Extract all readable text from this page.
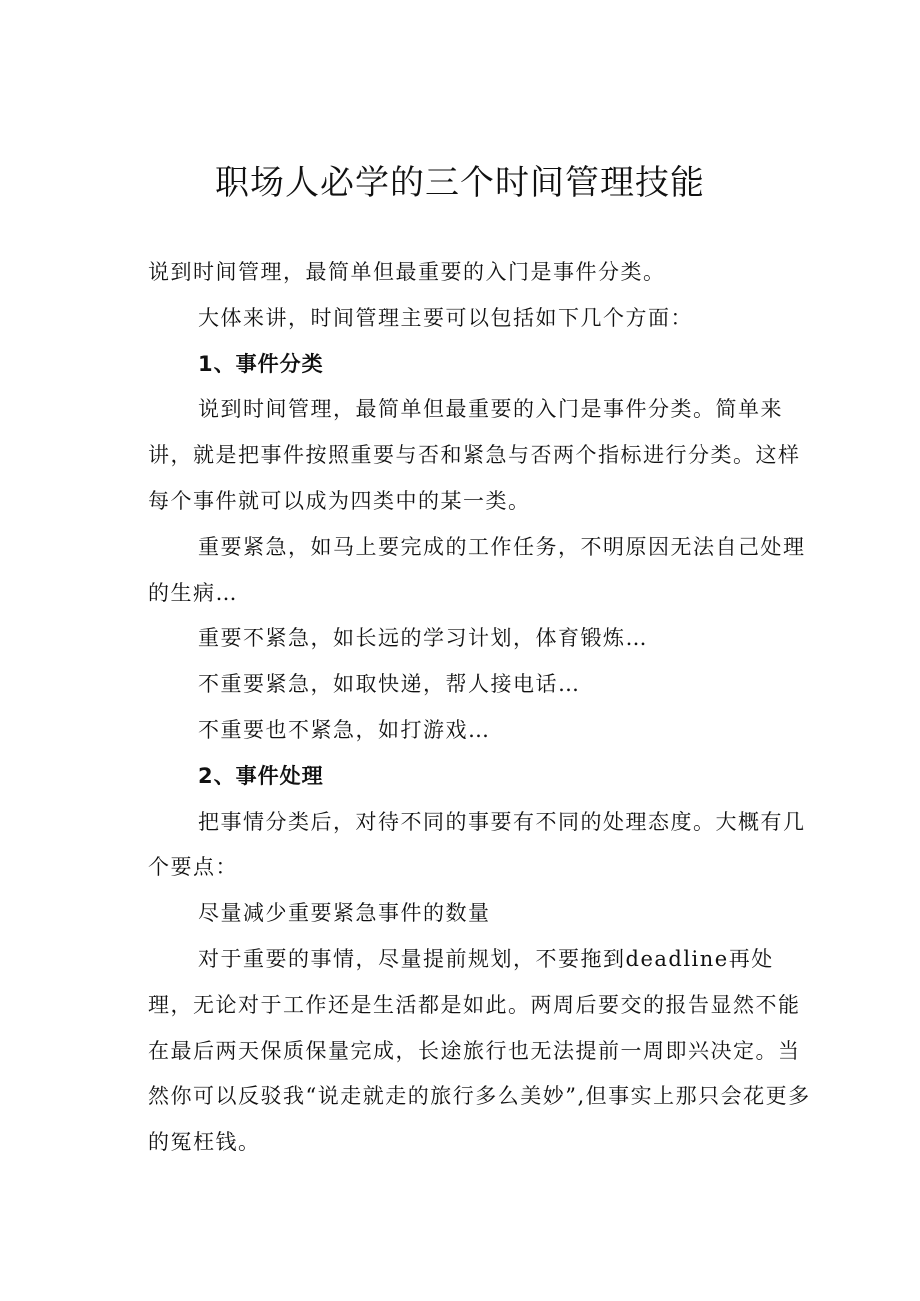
职场人必学的三个时间管理技能

说到时间管理，最简单但最重要的入门是事件分类。

大体来讲，时间管理主要可以包括如下几个方面：

1、事件分类

说到时间管理，最简单但最重要的入门是事件分类。简单来讲，就是把事件按照重要与否和紧急与否两个指标进行分类。这样每个事件就可以成为四类中的某一类。

重要紧急，如马上要完成的工作任务，不明原因无法自己处理的生病…

重要不紧急，如长远的学习计划，体育锻炼…

不重要紧急，如取快递，帮人接电话…

不重要也不紧急，如打游戏…

2、事件处理

把事情分类后，对待不同的事要有不同的处理态度。大概有几个要点：

尽量减少重要紧急事件的数量

对于重要的事情，尽量提前规划，不要拖到deadline再处理，无论对于工作还是生活都是如此。两周后要交的报告显然不能在最后两天保质保量完成，长途旅行也无法提前一周即兴决定。当然你可以反驳我“说走就走的旅行多么美妙”,但事实上那只会花更多的冤枉钱。
